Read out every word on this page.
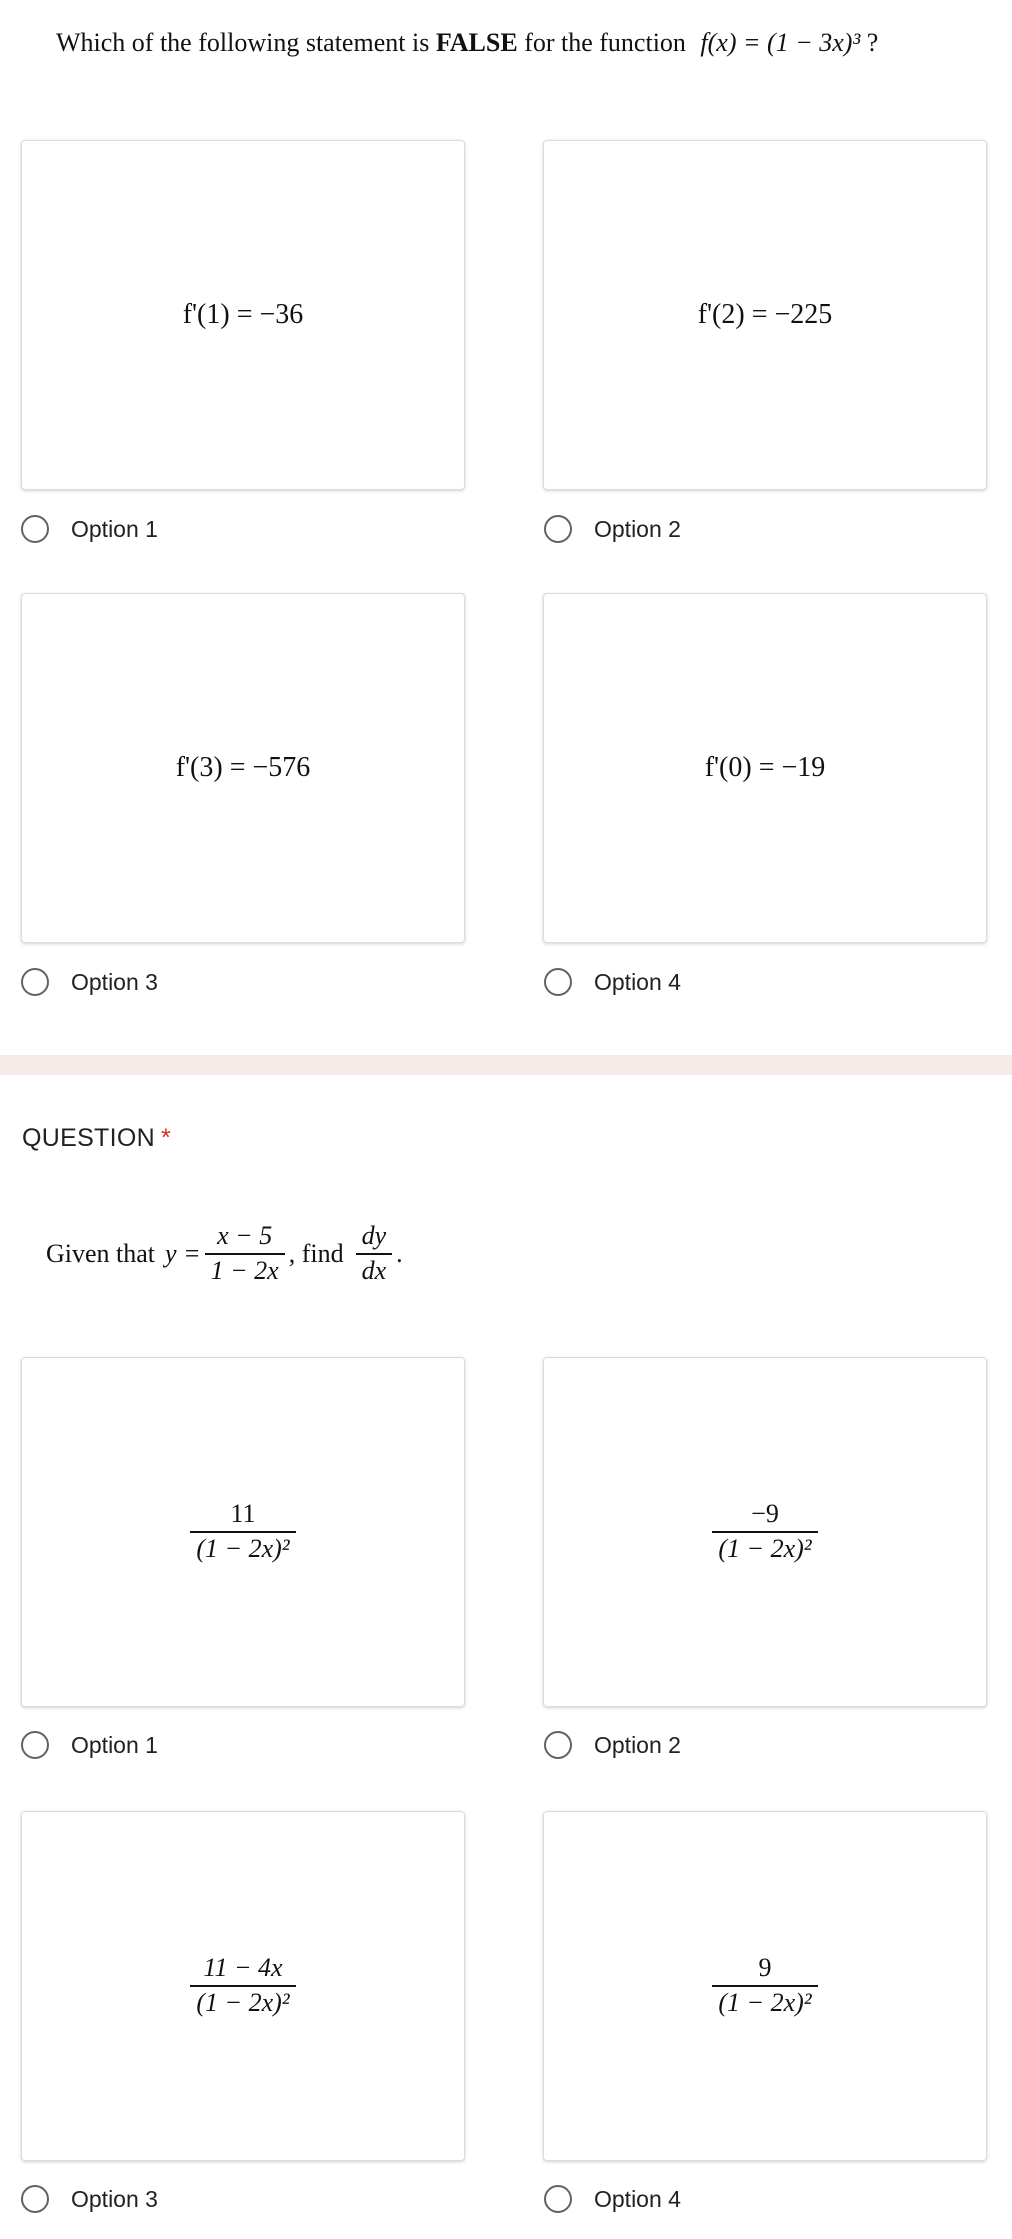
Which of the following statement is FALSE for the function f(x) = (1 − 3x)³ ?
f'(1) = −36	f'(2) = −225
Option 1	Option 2
f'(3) = −576	f'(0) = −19
Option 3	Option 4
QUESTION *
Given that $y = \frac{x - 5}{1 - 2x}$ , find $\frac{dy}{dx}$ .
$\frac{11}{\text{(1 − 2x)²}}$	$\frac{-9}{\text{(1 − 2x)²}}$
Option 1	Option 2
$\frac{11 - 4x}{\text{(1 − 2x)²}}$	$\frac{9}{\text{(1 − 2x)²}}$
Option 3	Option 4
